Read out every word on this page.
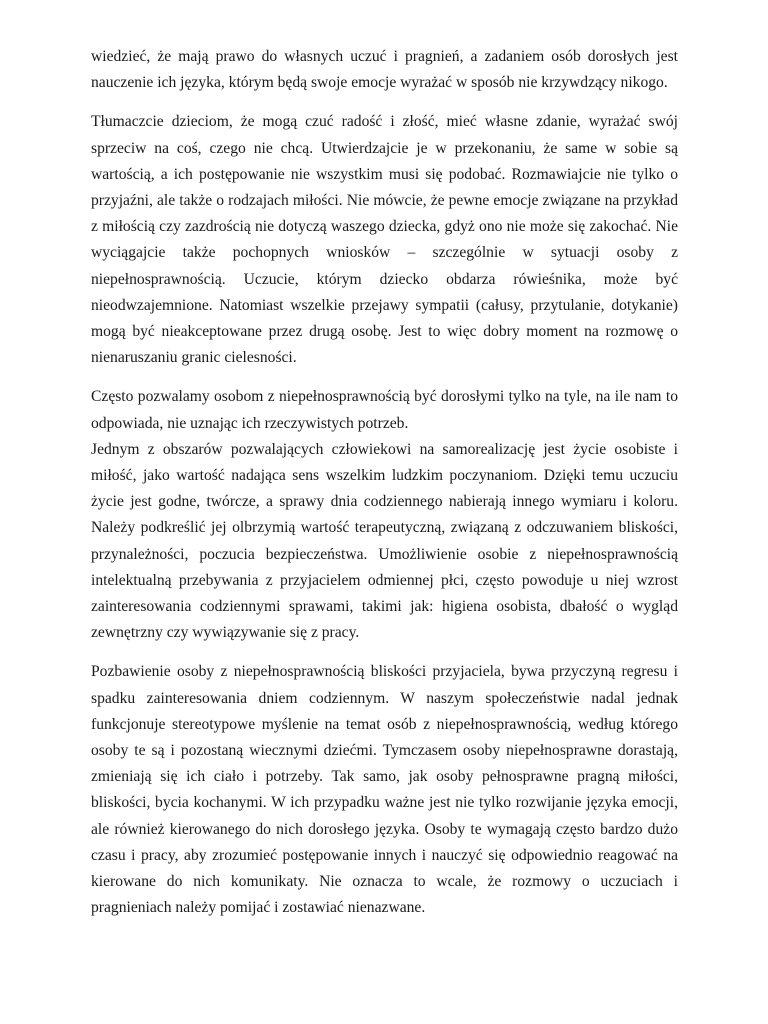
wiedzieć, że mają prawo do własnych uczuć i pragnień, a zadaniem osób dorosłych jest nauczenie ich języka, którym będą swoje emocje wyrażać w sposób nie krzywdzący nikogo.

Tłumaczcie dzieciom, że mogą czuć radość i złość, mieć własne zdanie, wyrażać swój sprzeciw na coś, czego nie chcą. Utwierdzajcie je w przekonaniu, że same w sobie są wartością, a ich postępowanie nie wszystkim musi się podobać. Rozmawiajcie nie tylko o przyjaźni, ale także o rodzajach miłości. Nie mówcie, że pewne emocje związane na przykład z miłością czy zazdrością nie dotyczą waszego dziecka, gdyż ono nie może się zakochać. Nie wyciągajcie także pochopnych wniosków – szczególnie w sytuacji osoby z niepełnosprawnością. Uczucie, którym dziecko obdarza rówieśnika, może być nieodwzajemnione. Natomiast wszelkie przejawy sympatii (całusy, przytulanie, dotykanie) mogą być nieakceptowane przez drugą osobę. Jest to więc dobry moment na rozmowę o nienaruszaniu granic cielesności.

Często pozwalamy osobom z niepełnosprawnością być dorosłymi tylko na tyle, na ile nam to odpowiada, nie uznając ich rzeczywistych potrzeb.

Jednym z obszarów pozwalających człowiekowi na samorealizację jest życie osobiste i miłość, jako wartość nadająca sens wszelkim ludzkim poczynaniom. Dzięki temu uczuciu życie jest godne, twórcze, a sprawy dnia codziennego nabierają innego wymiaru i koloru. Należy podkreślić jej olbrzymią wartość terapeutyczną, związaną z odczuwaniem bliskości, przynależności, poczucia bezpieczeństwa. Umożliwienie osobie z niepełnosprawnością intelektualną przebywania z przyjacielem odmiennej płci, często powoduje u niej wzrost zainteresowania codziennymi sprawami, takimi jak: higiena osobista, dbałość o wygląd zewnętrzny czy wywiązywanie się z pracy.

Pozbawienie osoby z niepełnosprawnością bliskości przyjaciela, bywa przyczyną regresu i spadku zainteresowania dniem codziennym. W naszym społeczeństwie nadal jednak funkcjonuje stereotypowe myślenie na temat osób z niepełnosprawnością, według którego osoby te są i pozostaną wiecznymi dziećmi. Tymczasem osoby niepełnosprawne dorastają, zmieniają się ich ciało i potrzeby. Tak samo, jak osoby pełnosprawne pragną miłości, bliskości, bycia kochanymi. W ich przypadku ważne jest nie tylko rozwijanie języka emocji, ale również kierowanego do nich dorosłego języka. Osoby te wymagają często bardzo dużo czasu i pracy, aby zrozumieć postępowanie innych i nauczyć się odpowiednio reagować na kierowane do nich komunikaty. Nie oznacza to wcale, że rozmowy o uczuciach i pragnieniach należy pomijać i zostawiać nienazwane.
